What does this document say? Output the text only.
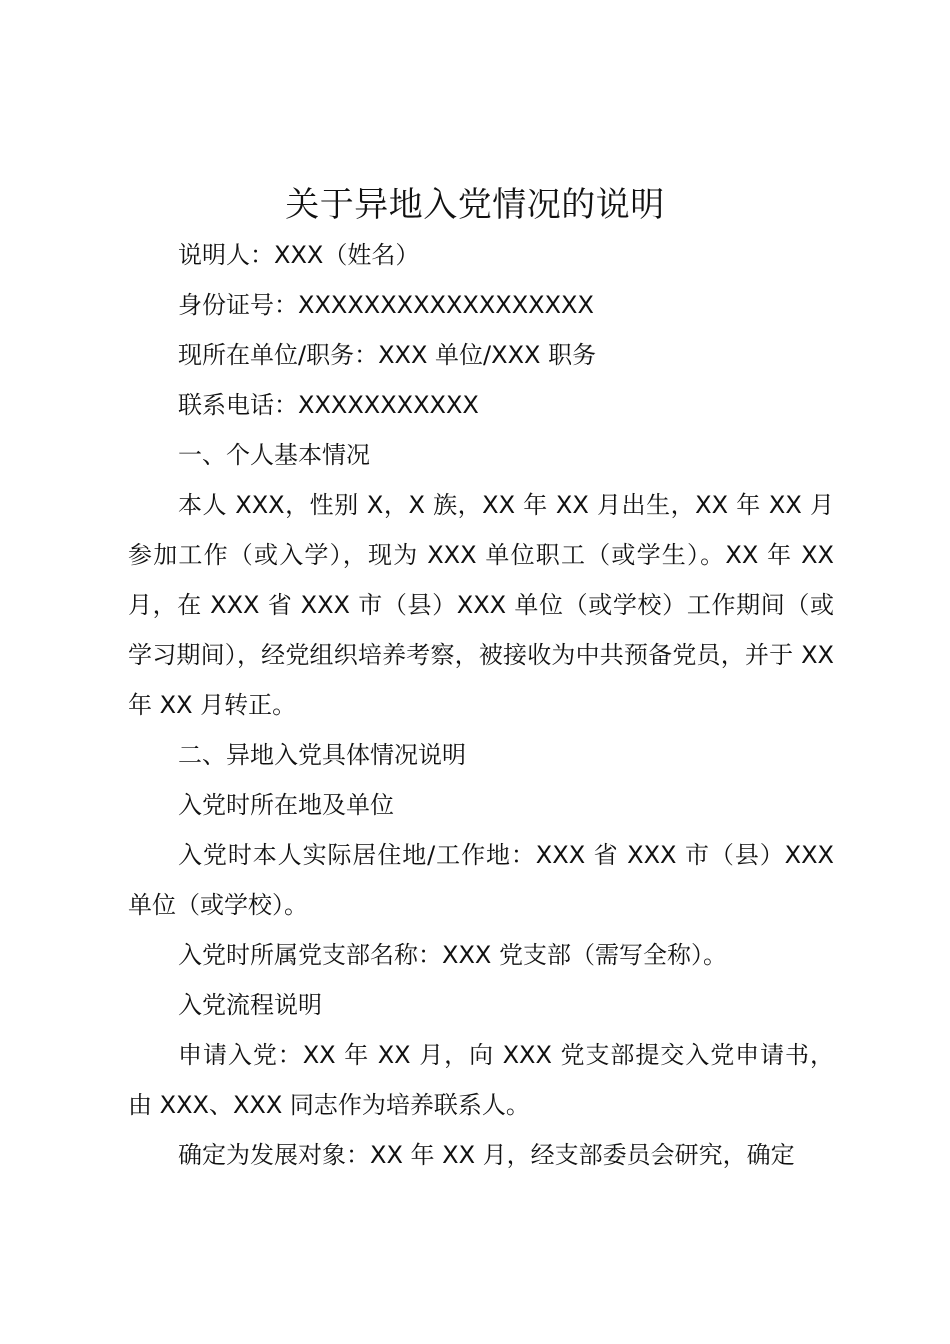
关于异地入党情况的说明

说明人：XXX（姓名）

身份证号：XXXXXXXXXXXXXXXXXX

现所在单位/职务：XXX 单位/XXX 职务

联系电话：XXXXXXXXXXX

一、个人基本情况

本人 XXX，性别 X，X 族，XX 年 XX 月出生，XX 年 XX 月参加工作（或入学），现为 XXX 单位职工（或学生）。XX 年 XX 月，在 XXX 省 XXX 市（县）XXX 单位（或学校）工作期间（或学习期间），经党组织培养考察，被接收为中共预备党员，并于 XX 年 XX 月转正。

二、异地入党具体情况说明

入党时所在地及单位

入党时本人实际居住地/工作地：XXX 省 XXX 市（县）XXX 单位（或学校）。

入党时所属党支部名称：XXX 党支部（需写全称）。

入党流程说明

申请入党：XX 年 XX 月，向 XXX 党支部提交入党申请书，由 XXX、XXX 同志作为培养联系人。

确定为发展对象：XX 年 XX 月，经支部委员会研究，确定
